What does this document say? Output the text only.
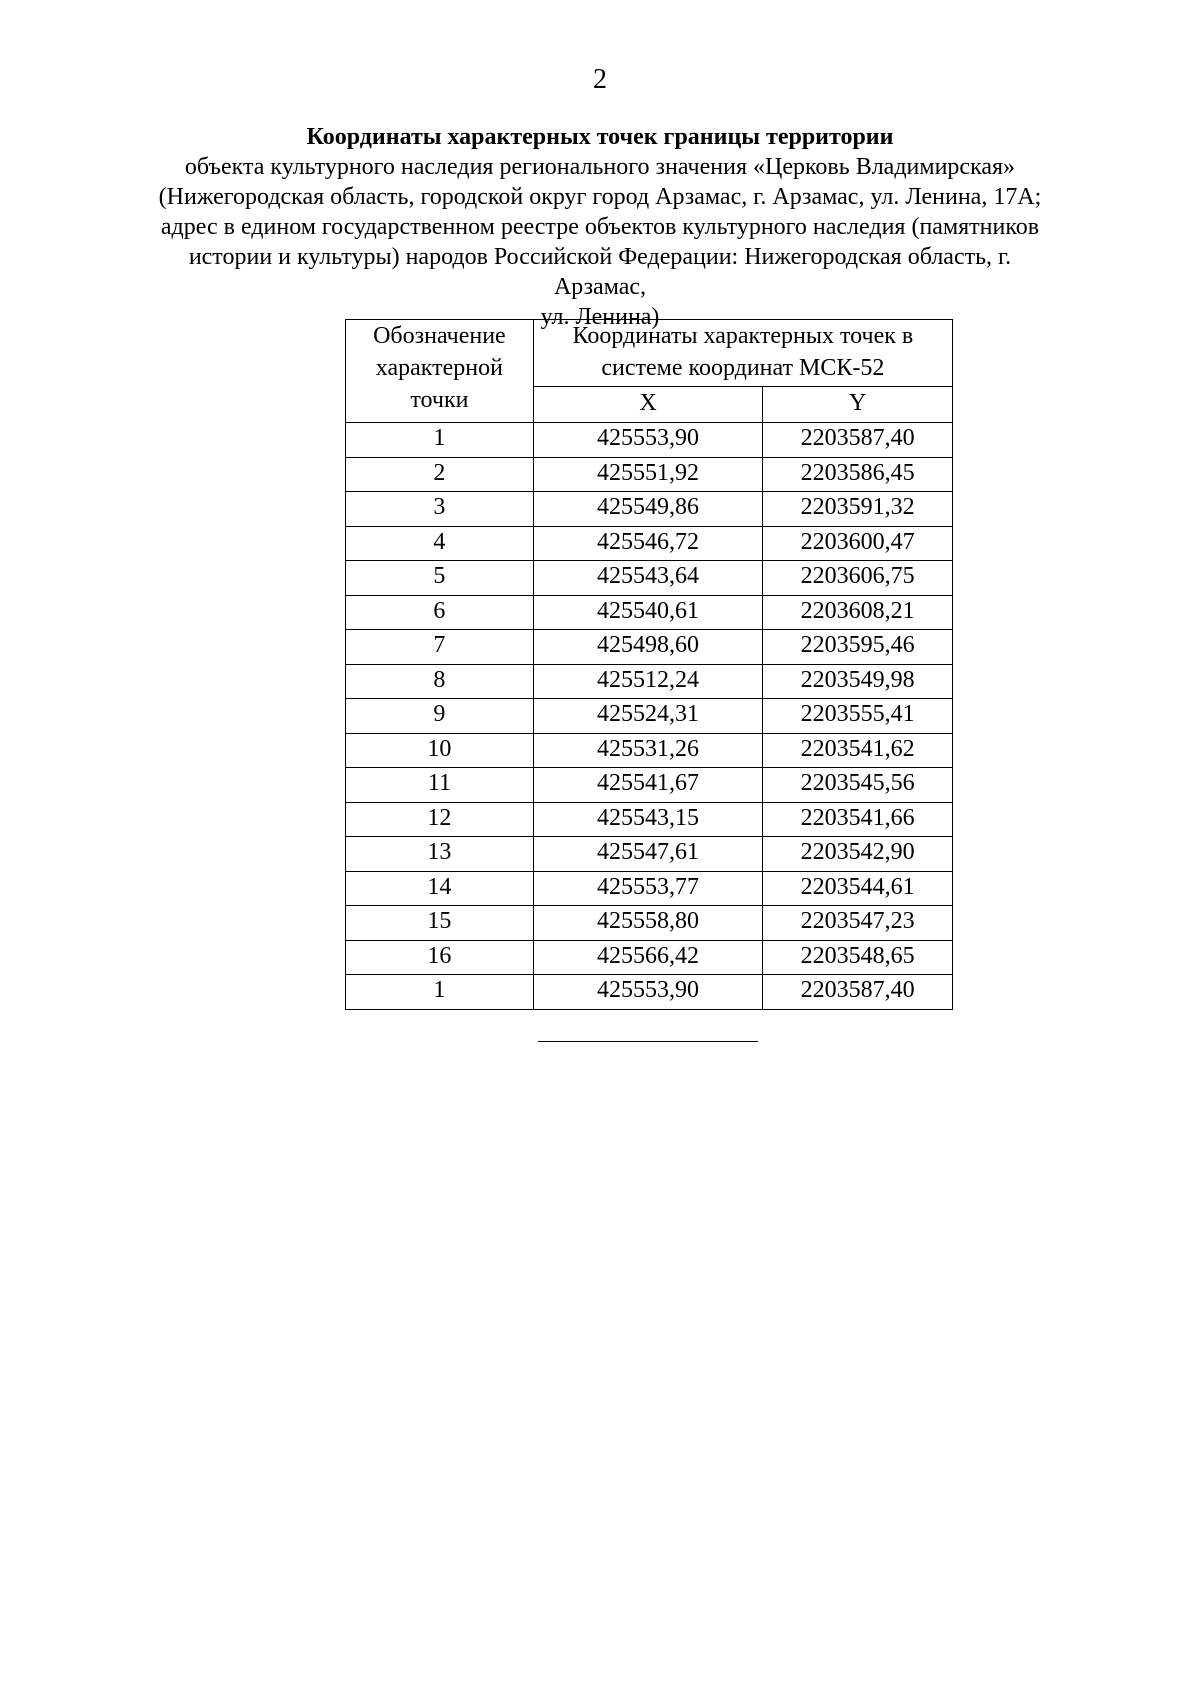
2
Координаты характерных точек границы территории
объекта культурного наследия регионального значения «Церковь Владимирская»
(Нижегородская область, городской округ город Арзамас, г. Арзамас, ул. Ленина, 17А;
адрес в едином государственном реестре объектов культурного наследия (памятников
истории и культуры) народов Российской Федерации: Нижегородская область, г. Арзамас,
ул. Ленина)
Обозначение характерной точки	Координаты характерных точек в системе координат МСК-52	
	X	Y
1	425553,90	2203587,40
2	425551,92	2203586,45
3	425549,86	2203591,32
4	425546,72	2203600,47
5	425543,64	2203606,75
6	425540,61	2203608,21
7	425498,60	2203595,46
8	425512,24	2203549,98
9	425524,31	2203555,41
10	425531,26	2203541,62
11	425541,67	2203545,56
12	425543,15	2203541,66
13	425547,61	2203542,90
14	425553,77	2203544,61
15	425558,80	2203547,23
16	425566,42	2203548,65
1	425553,90	2203587,40
